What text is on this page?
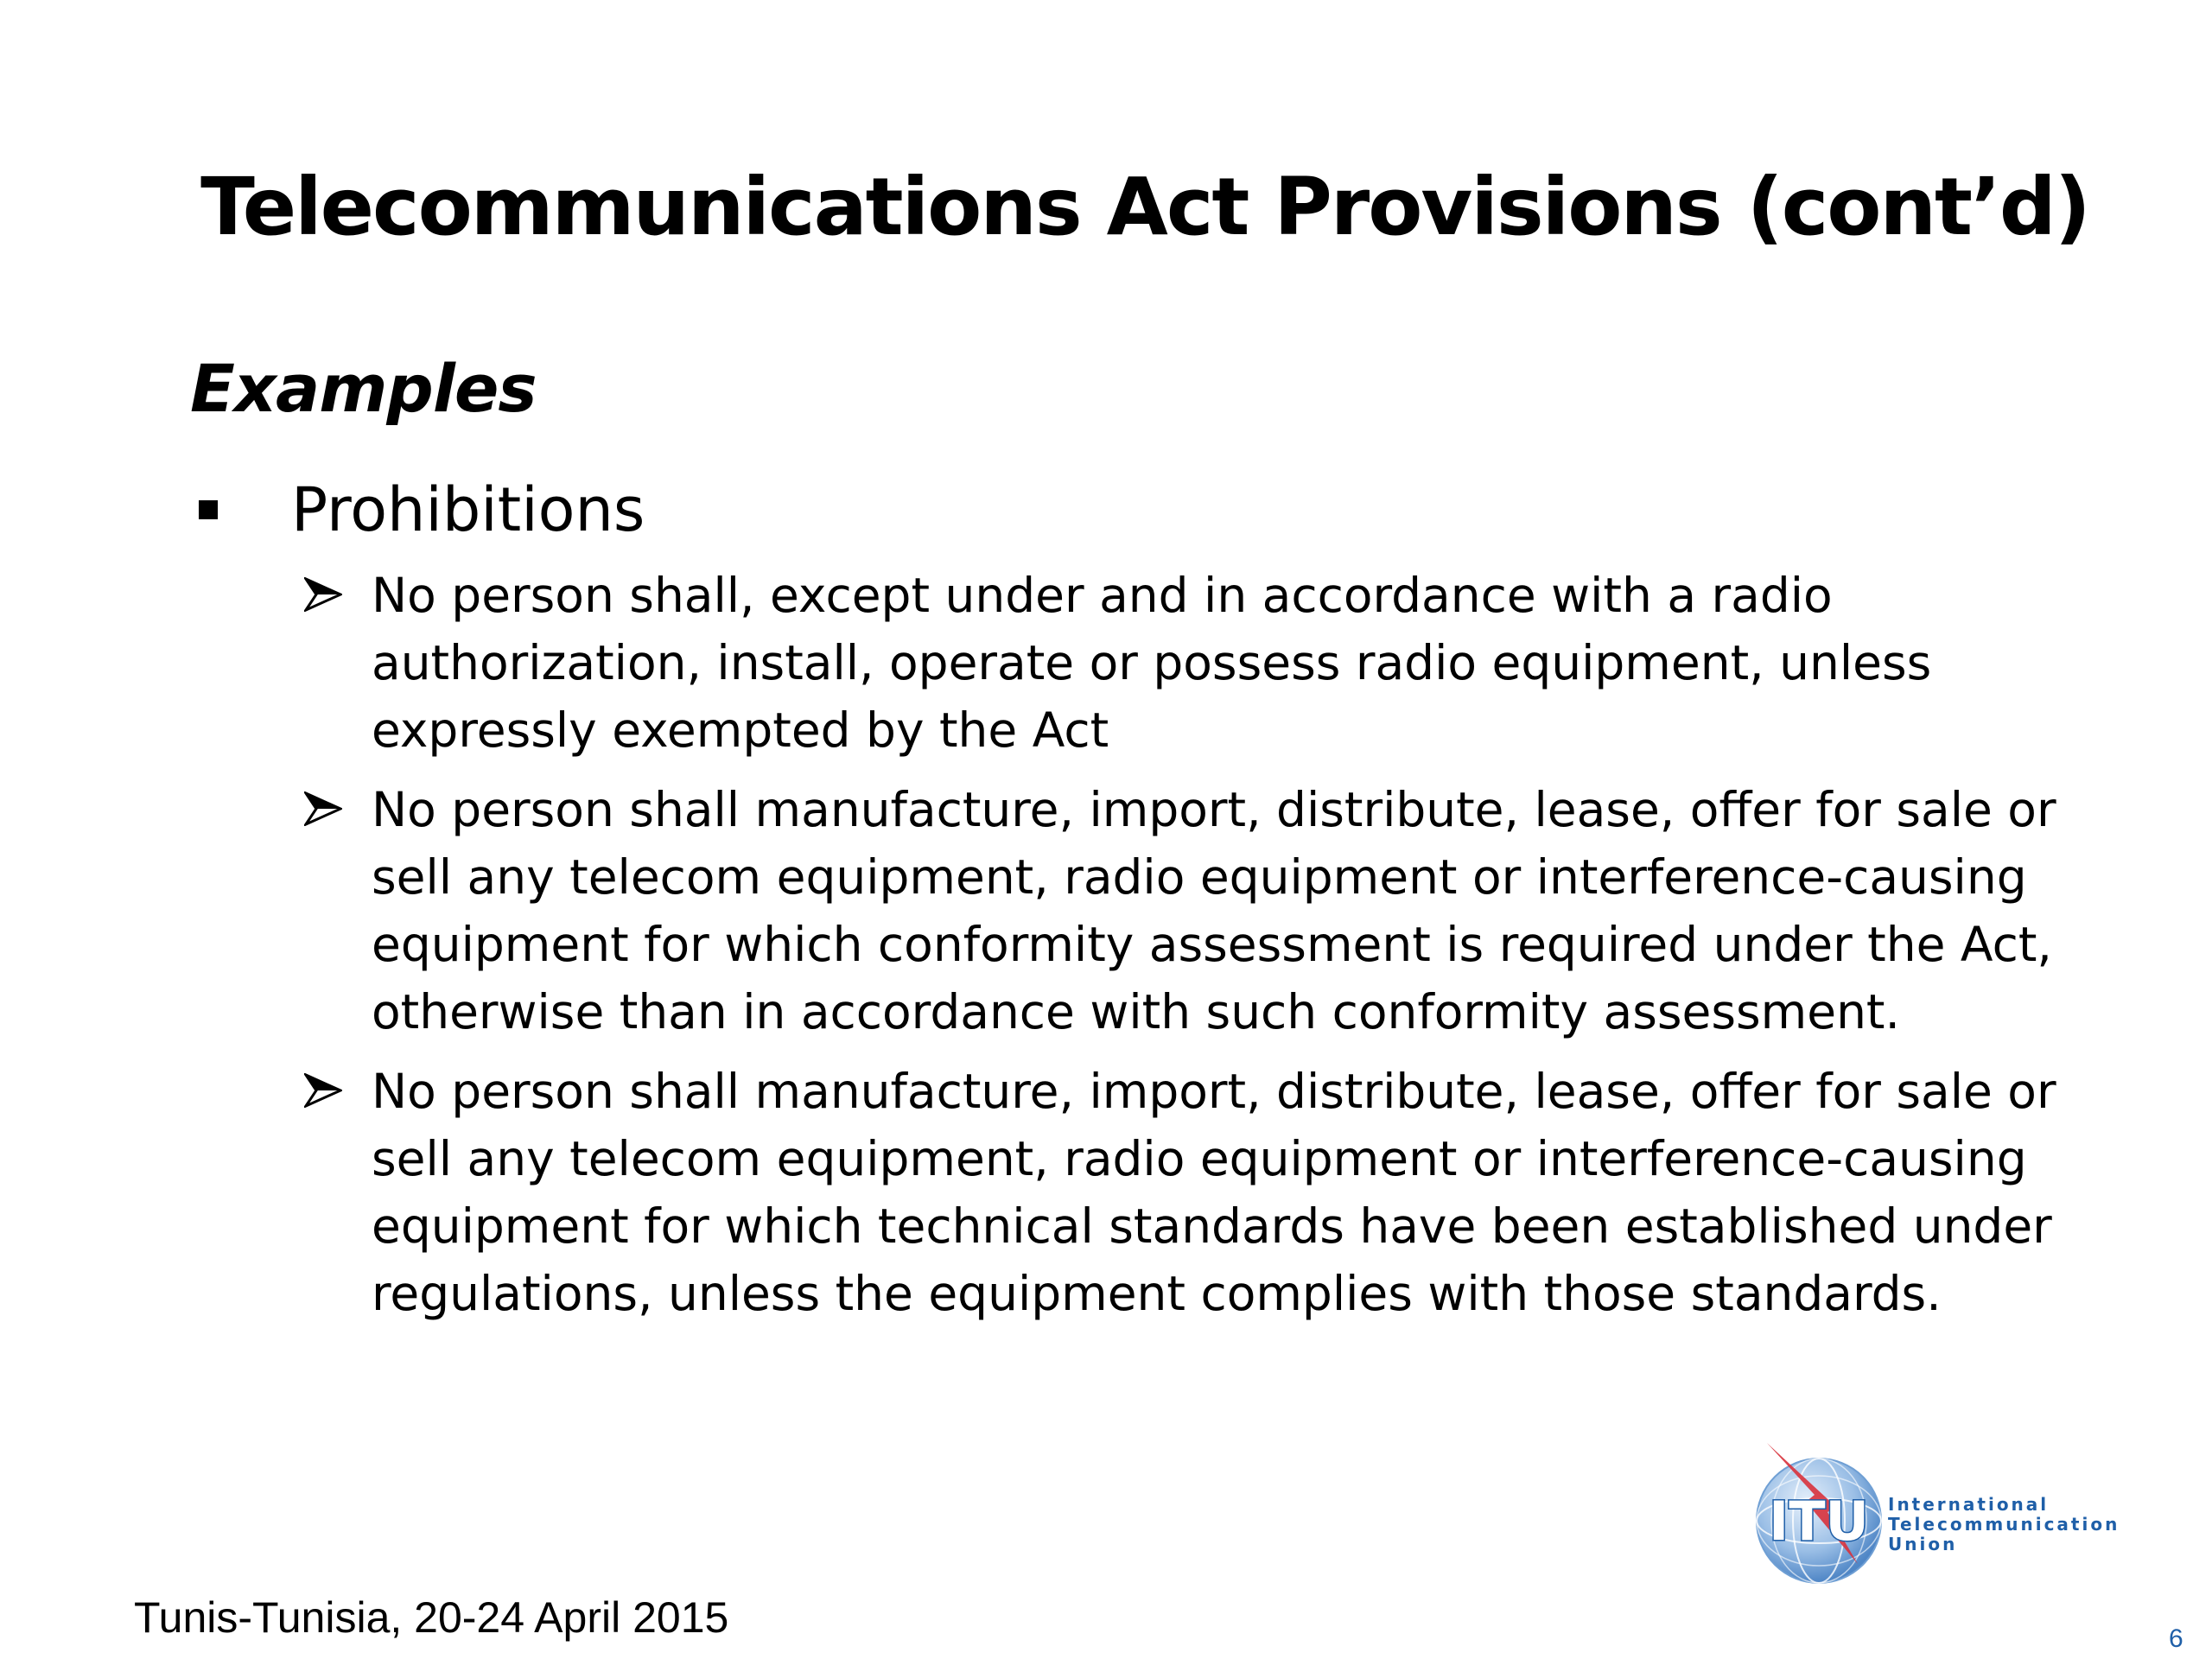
Telecommunications Act Provisions (cont’d)
Examples
Prohibitions
No person shall, except under and in accordance with a radio authorization, install, operate or possess radio equipment, unless expressly exempted by the Act
No person shall manufacture, import, distribute, lease, offer for sale or sell any telecom equipment, radio equipment or interference-causing equipment for which conformity assessment is required under the Act, otherwise than in accordance with such conformity assessment.
No person shall manufacture, import, distribute, lease, offer for sale or sell any telecom equipment, radio equipment or interference-causing equipment for which technical standards have been established under regulations, unless the equipment complies with those standards.
ITU International
Telecommunication
Union
Tunis-Tunisia, 20-24 April 2015	6
